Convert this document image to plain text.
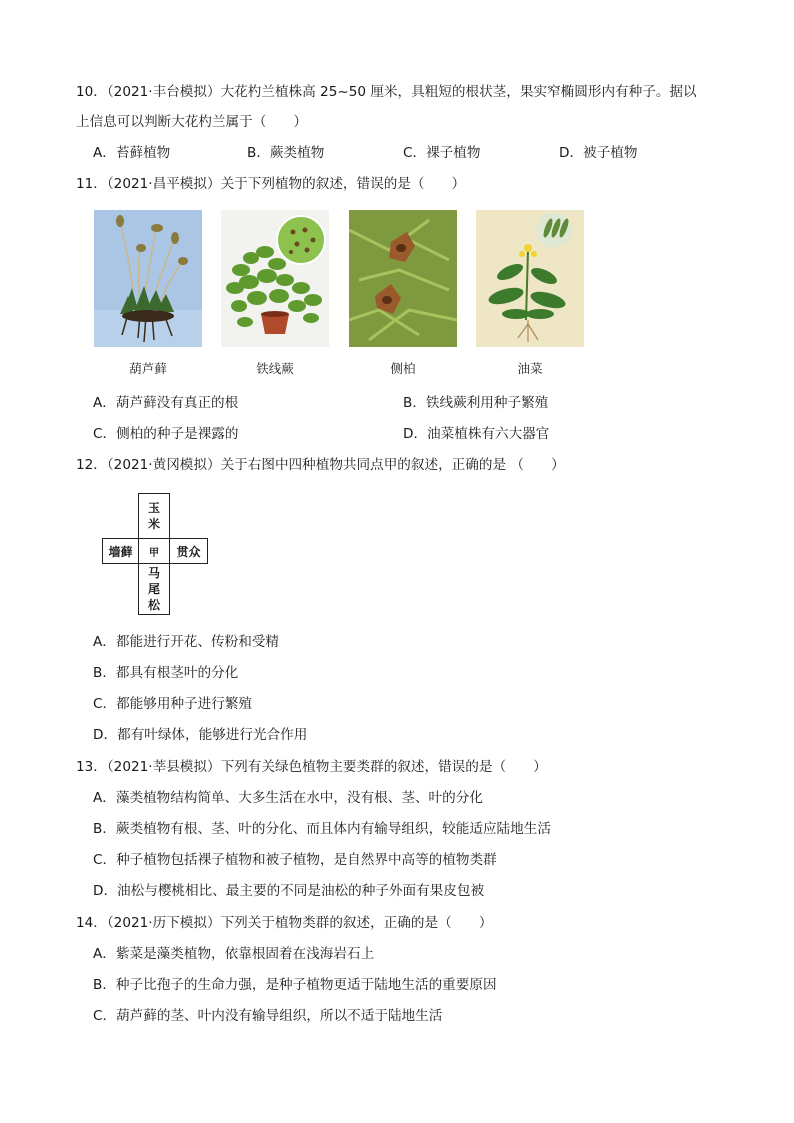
10．（2021·丰台模拟）大花杓兰植株高 25~50 厘米，具粗短的根状茎，果实窄椭圆形内有种子。据以
上信息可以判断大花杓兰属于（　　）
A．苔藓植物	B．蕨类植物	C．裸子植物	D．被子植物
11．（2021·昌平模拟）关于下列植物的叙述，错误的是（　　）
葫芦藓	铁线蕨	侧柏	油菜
A．葫芦藓没有真正的根	B．铁线蕨利用种子繁殖
C．侧柏的种子是裸露的	D．油菜植株有六大器官
12．（2021·黄冈模拟）关于右图中四种植物共同点甲的叙述，正确的是 （　　）
玉米
墙藓	甲	贯众
马尾松
A．都能进行开花、传粉和受精
B．都具有根茎叶的分化
C．都能够用种子进行繁殖
D．都有叶绿体，能够进行光合作用
13．（2021·莘县模拟）下列有关绿色植物主要类群的叙述，错误的是（　　）
A．藻类植物结构简单、大多生活在水中，没有根、茎、叶的分化
B．蕨类植物有根、茎、叶的分化、而且体内有输导组织，较能适应陆地生活
C．种子植物包括裸子植物和被子植物，是自然界中高等的植物类群
D．油松与樱桃相比、最主要的不同是油松的种子外面有果皮包被
14．（2021·历下模拟）下列关于植物类群的叙述，正确的是（　　）
A．紫菜是藻类植物，依靠根固着在浅海岩石上
B．种子比孢子的生命力强，是种子植物更适于陆地生活的重要原因
C．葫芦藓的茎、叶内没有输导组织，所以不适于陆地生活
